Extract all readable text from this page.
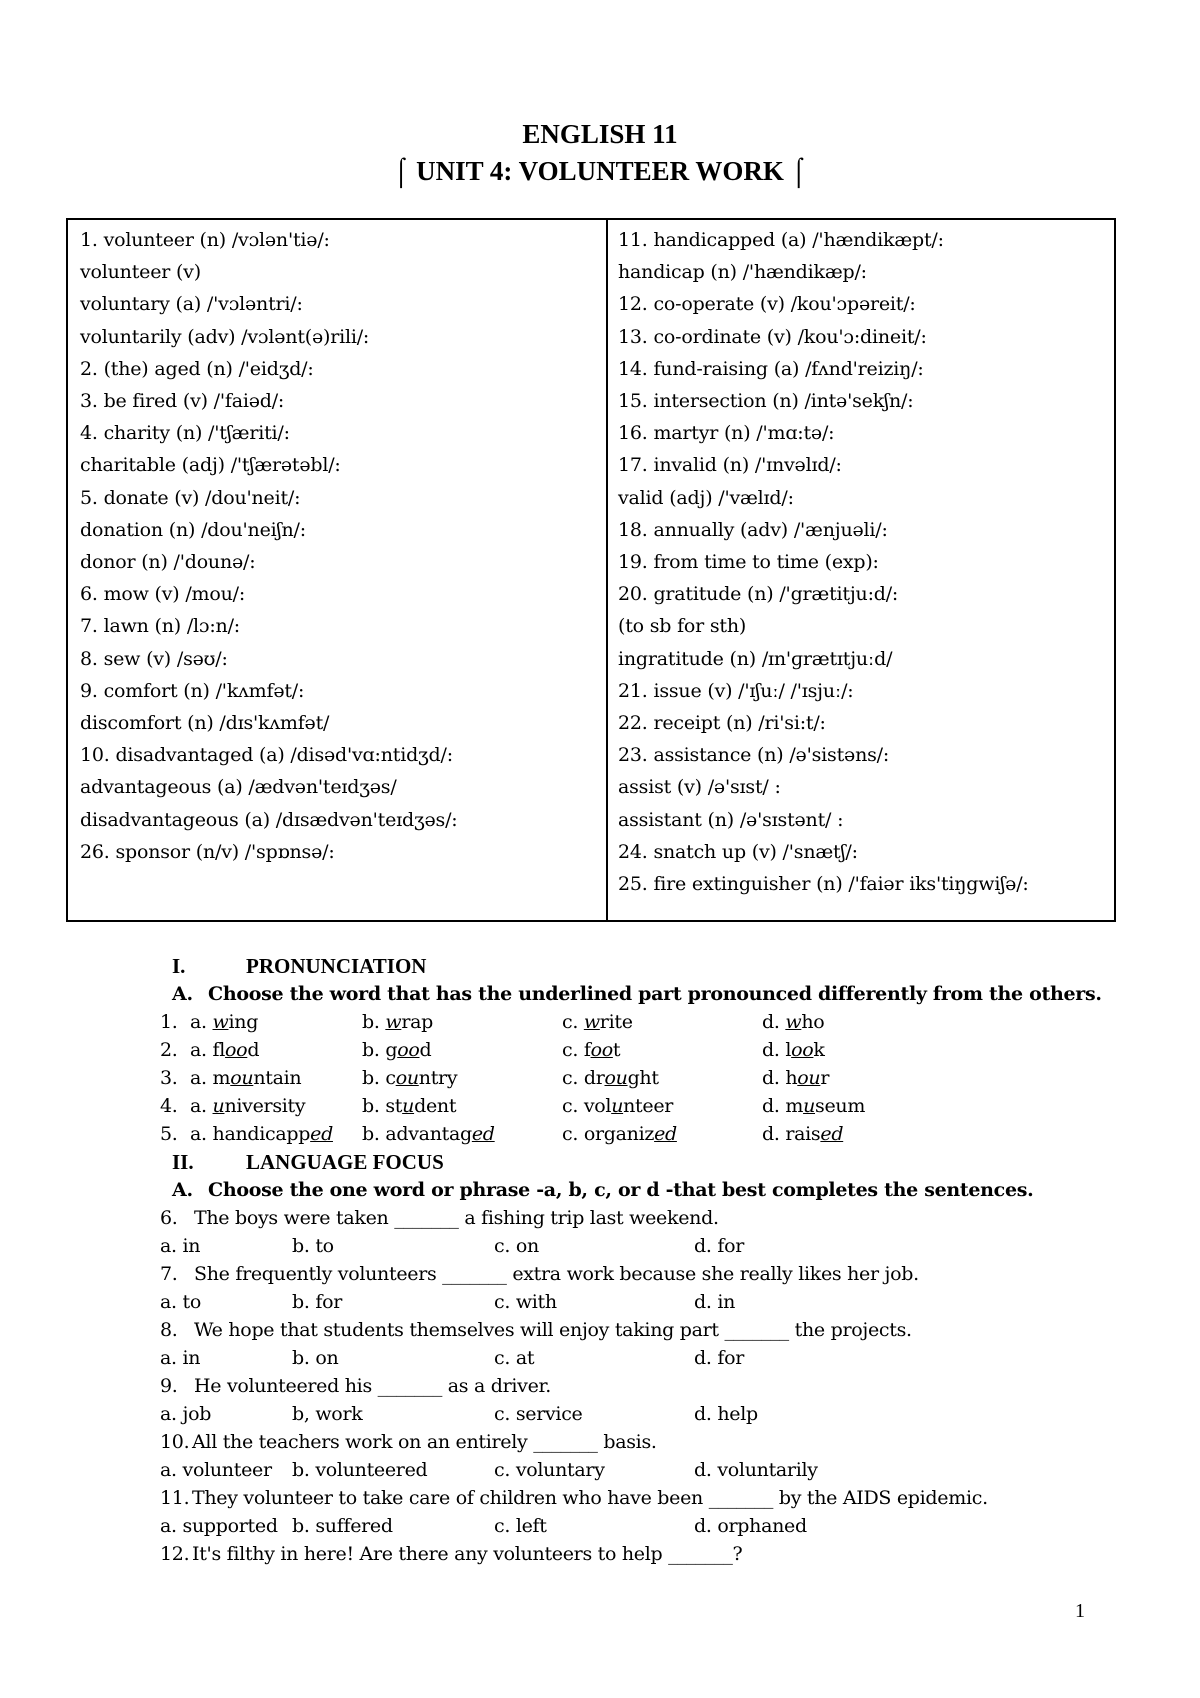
ENGLISH 11
⌠ UNIT 4: VOLUNTEER WORK ⌠
1. volunteer (n) /vɔlən'tiə/:
volunteer (v)
voluntary (a) /'vɔləntri/:
voluntarily (adv) /vɔlənt(ə)rili/:
2. (the) aged (n) /'eidʒd/:
3. be fired (v) /'faiəd/:
4. charity (n) /'tʃæriti/:
charitable (adj) /'tʃærətəbl/:
5. donate (v) /dou'neit/:
donation (n) /dou'neiʃn/:
donor (n) /'dounə/:
6. mow (v) /mou/:
7. lawn (n) /lɔ:n/:
8. sew (v) /səʊ/:
9. comfort (n) /'kʌmfət/:
discomfort (n) /dɪs'kʌmfət/
10. disadvantaged (a) /disəd'vɑ:ntidʒd/:
advantageous (a) /ædvən'teɪdʒəs/
disadvantageous (a) /dɪsædvən'teɪdʒəs/:
26. sponsor (n/v) /'spɒnsə/:
11. handicapped (a) /'hændikæpt/:
handicap (n) /'hændikæp/:
12. co-operate (v) /kou'ɔpəreit/:
13. co-ordinate (v) /kou'ɔ:dineit/:
14. fund-raising (a) /fʌnd'reiziŋ/:
15. intersection (n) /intə'sekʃn/:
16. martyr (n) /'mɑ:tə/:
17. invalid (n) /'ɪnvəlɪd/:
valid (adj) /'vælɪd/:
18. annually (adv) /'ænjuəli/:
19. from time to time (exp):
20. gratitude (n) /'grætitju:d/:
(to sb for sth)
ingratitude (n) /ɪn'ɡrætɪtjuːd/
21. issue (v) /'ɪʃuː/ /'ɪsjuː/:
22. receipt (n) /ri'si:t/:
23. assistance (n) /ə'sistəns/:
assist (v) /ə'sɪst/ :
assistant (n) /ə'sɪstənt/ :
24. snatch up (v) /'snætʃ/:
25. fire extinguisher (n) /'faiər iks'tiŋgwiʃə/:
I.	PRONUNCIATION
A. Choose the word that has the underlined part pronounced differently from the others.
1. a. wing	b. wrap	c. write	d. who
2. a. flood	b. good	c. foot	d. look
3. a. mountain	b. country	c. drought	d. hour
4. a. university	b. student	c. volunteer	d. museum
5. a. handicapped b. advantaged	c. organized	d. raised
II. LANGUAGE FOCUS
A. Choose the one word or phrase -a, b, c, or d -that best completes the sentences.
6. The boys were taken _______ a fishing trip last weekend.
a. in	b. to	c. on	d. for
7. She frequently volunteers _______ extra work because she really likes her job.
a. to	b. for	c. with	d. in
8. We hope that students themselves will enjoy taking part _______ the projects.
a. in	b. on	c. at	d. for
9. He volunteered his _______ as a driver.
a. job	b, work	c. service	d. help
10. All the teachers work on an entirely _______ basis.
a. volunteer b. volunteered	c. voluntary	d. voluntarily
11. They volunteer to take care of children who have been _______ by the AIDS epidemic.
a. supported b. suffered	c. left	d. orphaned
12. It's filthy in here! Are there any volunteers to help _______?
1
